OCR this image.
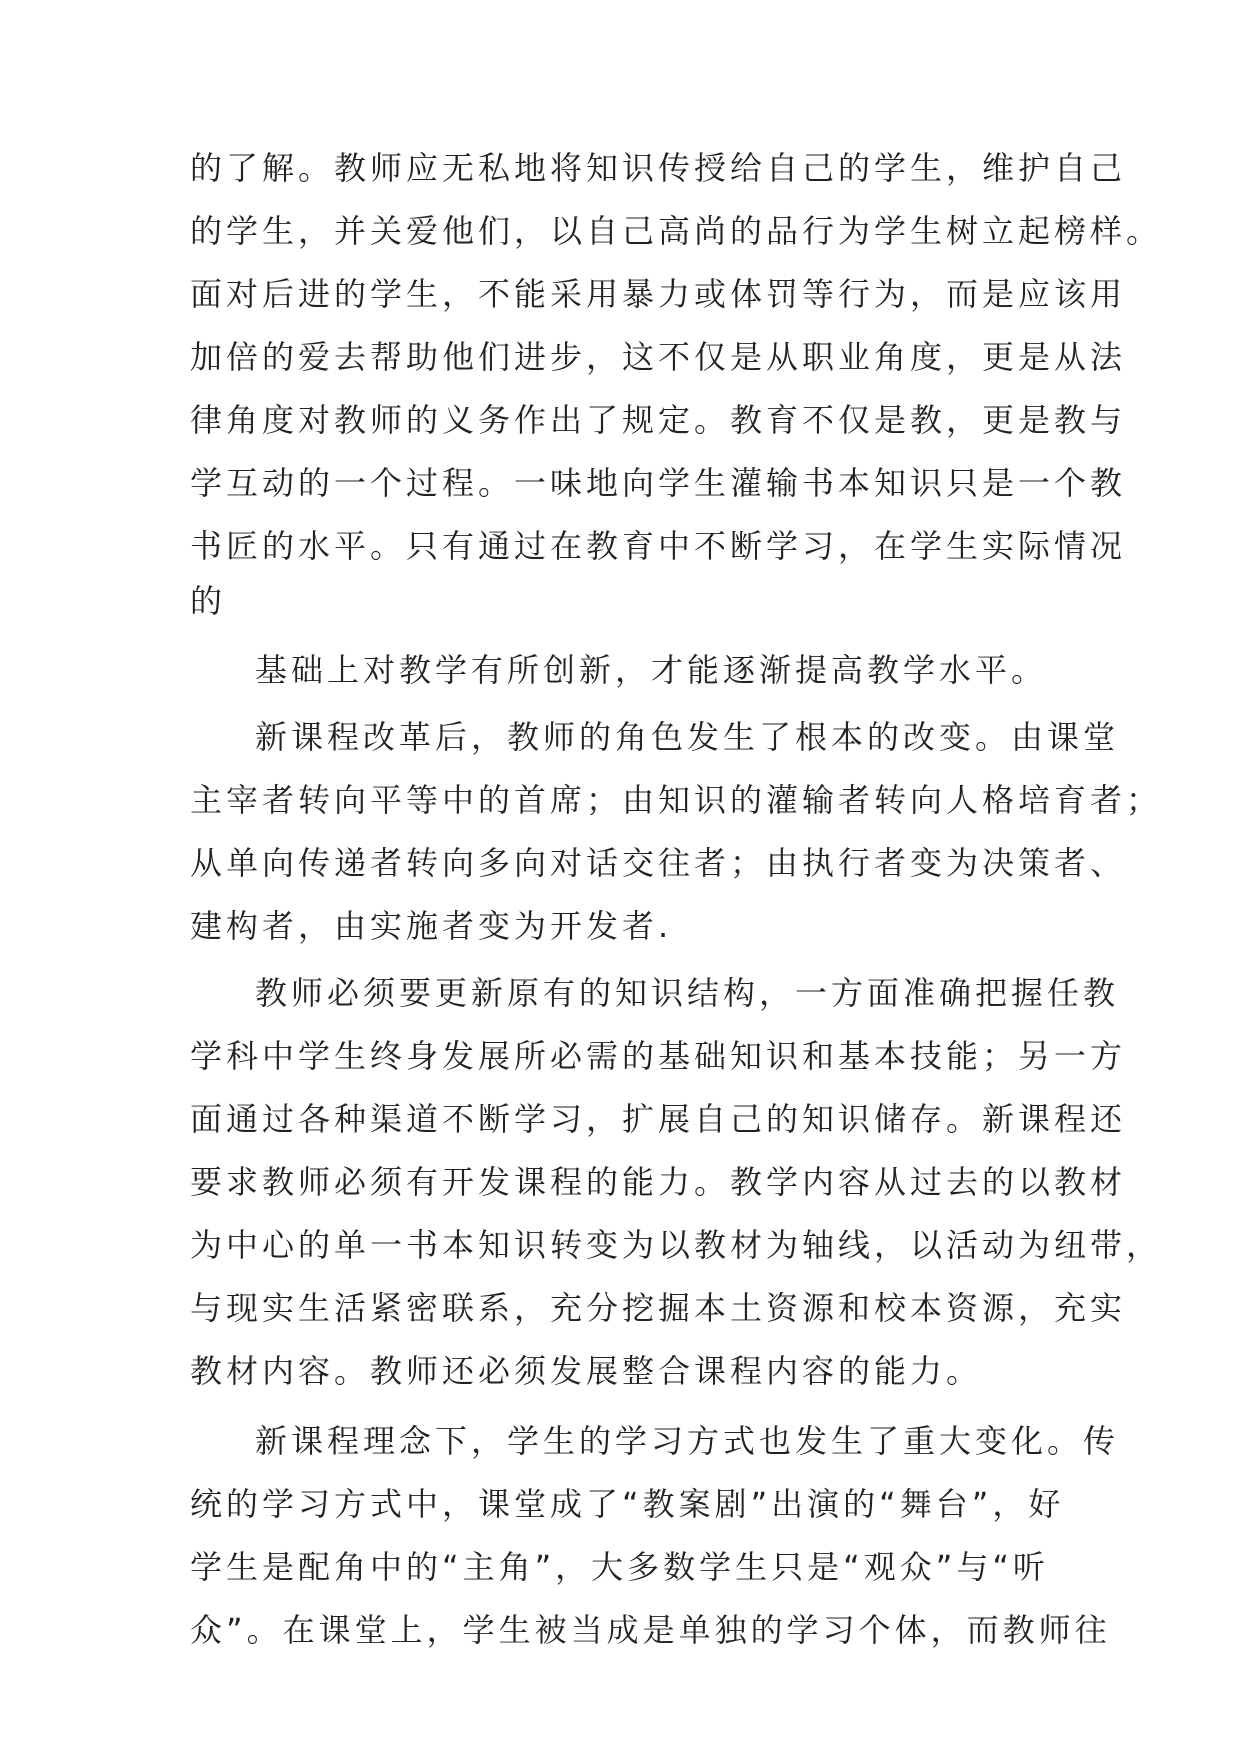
的了解。教师应无私地将知识传授给自己的学生，维护自己
的学生，并关爱他们，以自己高尚的品行为学生树立起榜样。
面对后进的学生，不能采用暴力或体罚等行为，而是应该用
加倍的爱去帮助他们进步，这不仅是从职业角度，更是从法
律角度对教师的义务作出了规定。教育不仅是教，更是教与
学互动的一个过程。一味地向学生灌输书本知识只是一个教
书匠的水平。只有通过在教育中不断学习，在学生实际情况
的
基础上对教学有所创新，才能逐渐提高教学水平。
新课程改革后，教师的角色发生了根本的改变。由课堂
主宰者转向平等中的首席；由知识的灌输者转向人格培育者；
从单向传递者转向多向对话交往者；由执行者变为决策者、
建构者，由实施者变为开发者.
教师必须要更新原有的知识结构，一方面准确把握任教
学科中学生终身发展所必需的基础知识和基本技能；另一方
面通过各种渠道不断学习，扩展自己的知识储存。新课程还
要求教师必须有开发课程的能力。教学内容从过去的以教材
为中心的单一书本知识转变为以教材为轴线，以活动为纽带，
与现实生活紧密联系，充分挖掘本土资源和校本资源，充实
教材内容。教师还必须发展整合课程内容的能力。
新课程理念下，学生的学习方式也发生了重大变化。传
统的学习方式中，课堂成了“教案剧”出演的“舞台”，好
学生是配角中的“主角”，大多数学生只是“观众”与“听
众”。在课堂上，学生被当成是单独的学习个体，而教师往
